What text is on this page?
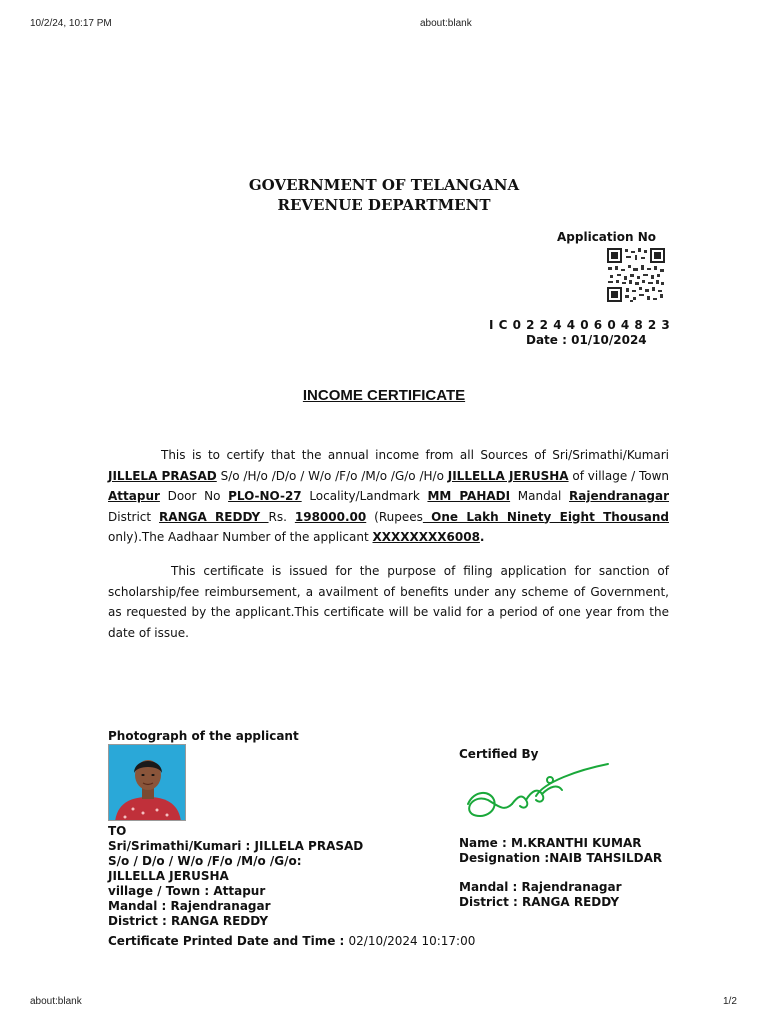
10/2/24, 10:17 PM	about:blank
GOVERNMENT OF TELANGANA
REVENUE DEPARTMENT
Application No
I C 0 2 2 4 4 0 6 0 4 8 2 3
Date : 01/10/2024
INCOME CERTIFICATE
This is to certify that the annual income from all Sources of Sri/Srimathi/Kumari JILLELA PRASAD S/o /H/o /D/o / W/o /F/o /M/o /G/o /H/o JILLELLA JERUSHA of village / Town Attapur Door No PLO-NO-27 Locality/Landmark MM PAHADI Mandal Rajendranagar District RANGA REDDY Rs. 198000.00 (Rupees One Lakh Ninety Eight Thousand only).The Aadhaar Number of the applicant XXXXXXXX6008.
This certificate is issued for the purpose of filing application for sanction of scholarship/fee reimbursement, a availment of benefits under any scheme of Government, as requested by the applicant.This certificate will be valid for a period of one year from the date of issue.
Photograph of the applicant
TO
Sri/Srimathi/Kumari : JILLELA PRASAD
S/o / D/o / W/o /F/o /M/o /G/o:
JILLELLA JERUSHA
village / Town : Attapur
Mandal : Rajendranagar
District : RANGA REDDY
Certified By
Name : M.KRANTHI KUMAR
Designation :NAIB TAHSILDAR
Mandal : Rajendranagar
District : RANGA REDDY
Certificate Printed Date and Time : 02/10/2024 10:17:00
about:blank	1/2
